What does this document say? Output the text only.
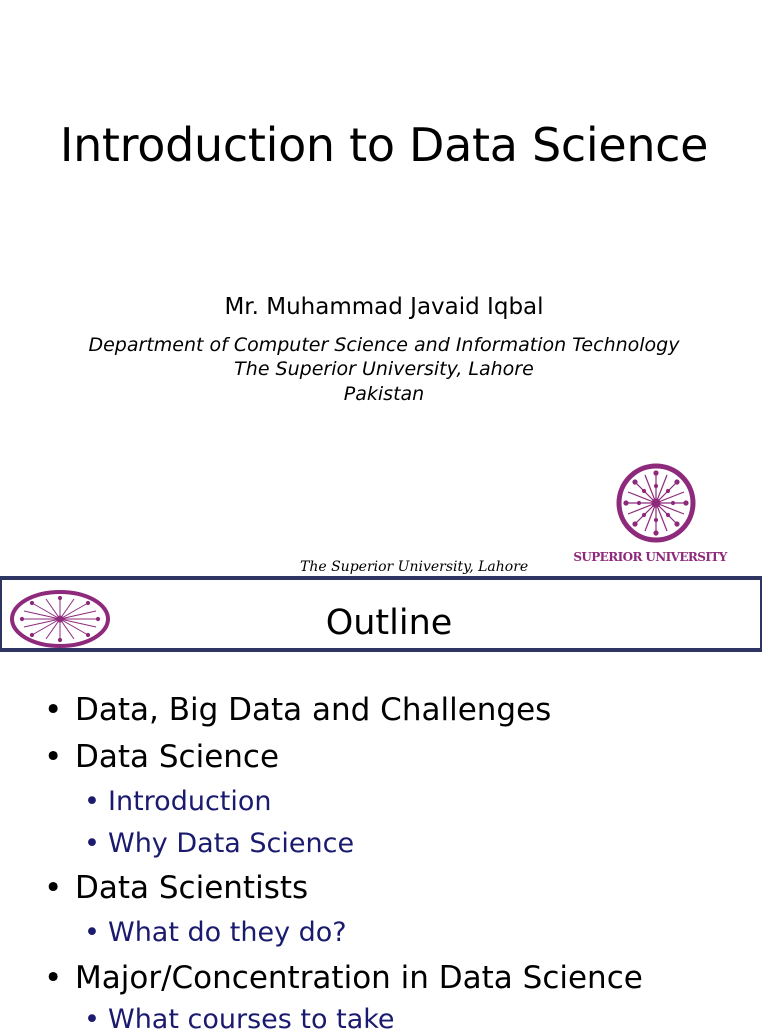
Introduction to Data Science
Mr. Muhammad Javaid Iqbal
Department of Computer Science and Information Technology
The Superior University, Lahore
Pakistan
SUPERIOR UNIVERSITY
The Superior University, Lahore
Outline
• Data, Big Data and Challenges
• Data Science
• Introduction
• Why Data Science
• Data Scientists
• What do they do?
• Major/Concentration in Data Science
• What courses to take
